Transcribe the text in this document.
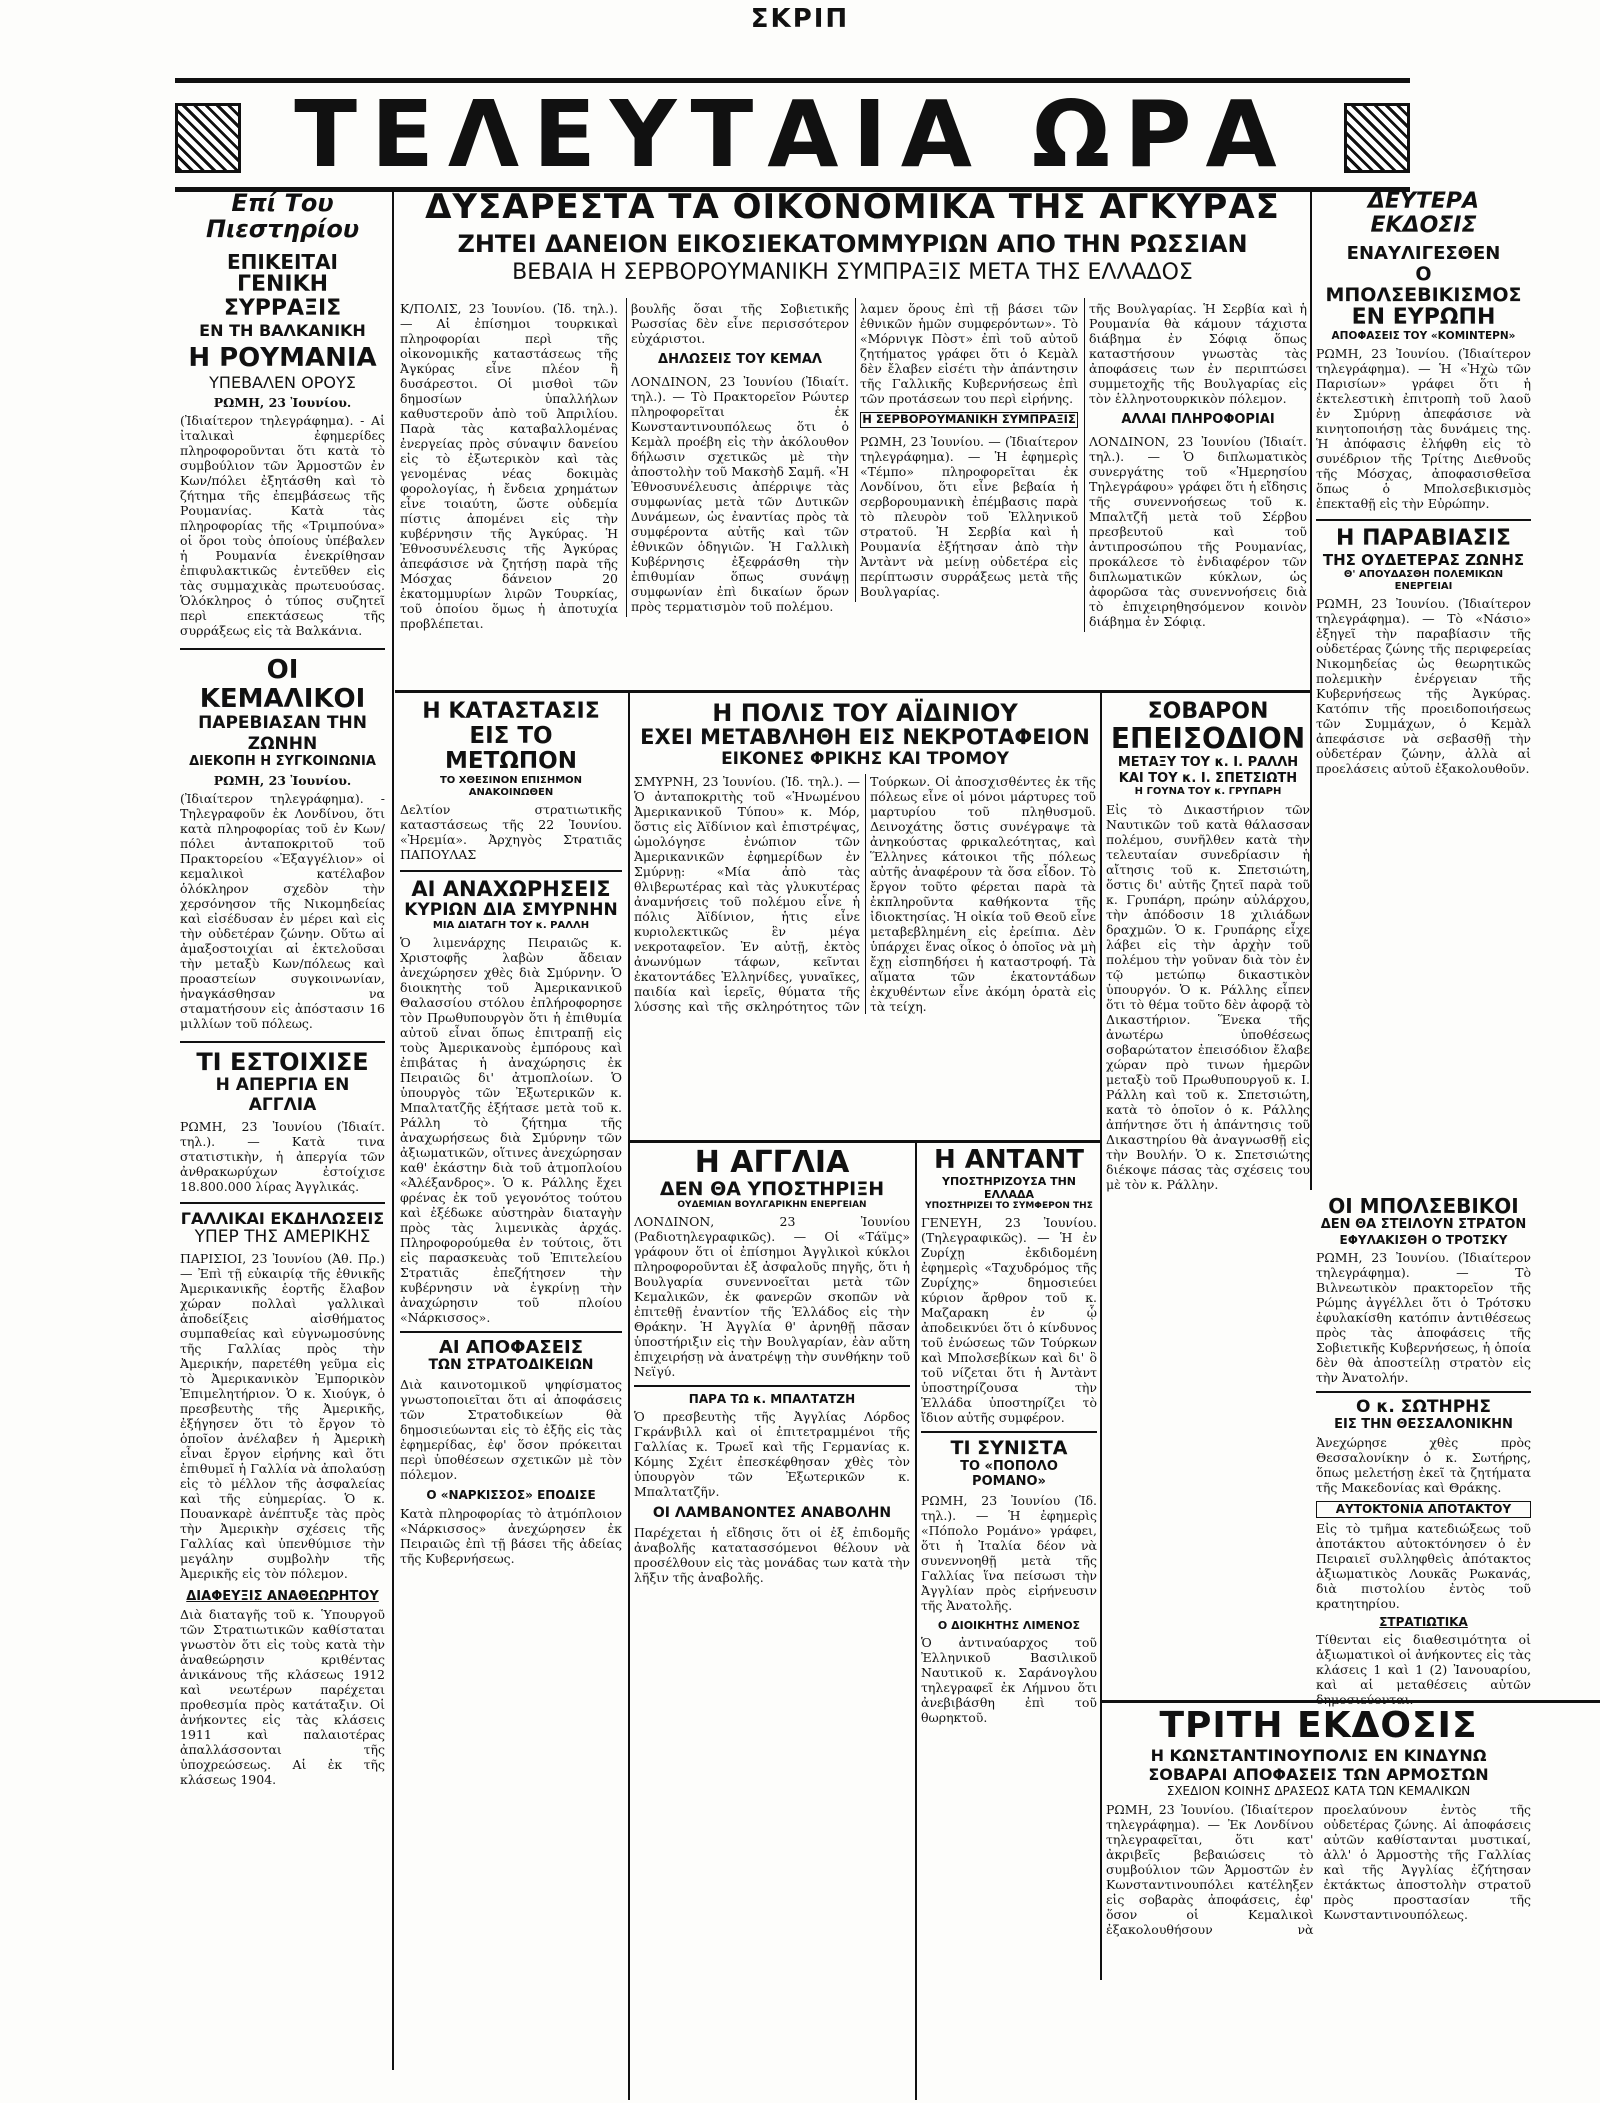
ΣΚΡΙΠ
ΤΕΛΕΥΤΑΙΑ ΩΡΑ
Επί Του Πιεστηρίου
ΕΠΙΚΕΙΤΑΙ
ΓΕΝΙΚΗ ΣΥΡΡΑΞΙΣ
ΕΝ ΤΗ ΒΑΛΚΑΝΙΚΗ
Η ΡΟΥΜΑΝΙΑ
ΥΠΕΒΑΛΕΝ ΟΡΟΥΣ
ΡΩΜΗ, 23 Ἰουνίου.
(Ἰδιαίτερον τηλεγράφημα). - Αἱ ἰταλικαὶ ἐφημερίδες πληροφοροῦνται ὅτι κατὰ τὸ συμβούλιον τῶν Ἁρμοστῶν ἐν Κων/πόλει ἐξητάσθη καὶ τὸ ζήτημα τῆς ἐπεμβάσεως τῆς Ρουμανίας. Κατὰ τὰς πληροφορίας τῆς «Τριμπούνα» οἱ ὅροι τοὺς ὁποίους ὑπέβαλεν ἡ Ρουμανία ἐνεκρίθησαν ἐπιφυλακτικῶς ἐντεῦθεν εἰς τὰς συμμαχικὰς πρωτευούσας. Ὁλόκληρος ὁ τύπος συζητεῖ περὶ επεκτάσεως τῆς συρράξεως εἰς τὰ Βαλκάνια.
ΟΙ ΚΕΜΑΛΙΚΟΙ
ΠΑΡΕΒΙΑΣΑΝ ΤΗΝ ΖΩΝΗΝ
ΔΙΕΚΟΠΗ Η ΣΥΓΚΟΙΝΩΝΙΑ
ΡΩΜΗ, 23 Ἰουνίου.
(Ἰδιαίτερον τηλεγράφημα). - Τηλεγραφοῦν ἐκ Λονδίνου, ὅτι κατὰ πληροφορίας τοῦ ἐν Κων/πόλει ἀνταποκριτοῦ τοῦ Πρακτορείου «Ἐξαγγέλιον» οἱ κεμαλικοὶ κατέλαβον ὁλόκληρον σχεδὸν τὴν χερσόνησον τῆς Νικομηδείας καὶ εἰσέδυσαν ἐν μέρει καὶ εἰς τὴν οὐδετέραν ζώνην. Οὕτω αἱ ἀμαξοστοιχίαι αἱ ἐκτελοῦσαι τὴν μεταξὺ Κων/πόλεως καὶ προαστείων συγκοινωνίαν, ἠναγκάσθησαν να σταματήσουν εἰς ἀπόστασιν 16 μιλλίων τοῦ πόλεως.
ΤΙ ΕΣΤΟΙΧΙΣΕ
Η ΑΠΕΡΓΙΑ ΕΝ ΑΓΓΛΙΑ
ΡΩΜΗ, 23 Ἰουνίου (Ἰδιαίτ. τηλ.). — Κατὰ τινα στατιστικὴν, ἡ ἀπεργία τῶν ἀνθρακωρύχων ἐστοίχισε 18.800.000 λίρας Ἀγγλικάς.
ΓΑΛΛΙΚΑΙ ΕΚΔΗΛΩΣΕΙΣ
ΥΠΕΡ ΤΗΣ ΑΜΕΡΙΚΗΣ
ΠΑΡΙΣΙΟΙ, 23 Ἰουνίου (Ἀθ. Πρ.) — Ἐπὶ τῇ εὐκαιρίᾳ τῆς ἐθνικῆς Ἀμερικανικῆς ἑορτῆς ἔλαβον χώραν πολλαὶ γαλλικαὶ ἀποδείξεις αἰσθήματος συμπαθείας καὶ εὐγνωμοσύνης τῆς Γαλλίας πρὸς τὴν Ἀμερικήν, παρετέθη γεῦμα εἰς τὸ Ἀμερικανικὸν Ἐμπορικὸν Ἐπιμελητήριον. Ὁ κ. Χιούγκ, ὁ πρεσβευτὴς τῆς Ἀμερικῆς, ἐξήγησεν ὅτι τὸ ἔργον τὸ ὁποῖον ἀνέλαβεν ἡ Ἀμερικὴ εἶναι ἔργον εἰρήνης καὶ ὅτι ἐπιθυμεῖ ἡ Γαλλία νὰ ἀπολαύσῃ εἰς τὸ μέλλον τῆς ἀσφαλείας καὶ τῆς εὐημερίας. Ὁ κ. Πουανκαρὲ ἀνέπτυξε τὰς πρὸς τὴν Ἀμερικὴν σχέσεις τῆς Γαλλίας καὶ ὑπενθύμισε τὴν μεγάλην συμβολὴν τῆς Ἀμερικῆς εἰς τὸν πόλεμον.
ΔΙΑΦΕΥΞΙΣ ΑΝΑΘΕΩΡΗΤΟΥ
Διὰ διαταγῆς τοῦ κ. Ὑπουργοῦ τῶν Στρατιωτικῶν καθίσταται γνωστὸν ὅτι εἰς τοὺς κατὰ τὴν ἀναθεώρησιν κριθέντας ἀνικάνους τῆς κλάσεως 1912 καὶ νεωτέρων παρέχεται προθεσμία πρὸς κατάταξιν. Οἱ ἀνήκοντες εἰς τὰς κλάσεις 1911 καὶ παλαιοτέρας ἀπαλλάσσονται τῆς ὑποχρεώσεως. Αἱ ἐκ τῆς κλάσεως 1904.
ΔΥΣΑΡΕΣΤΑ ΤΑ ΟΙΚΟΝΟΜΙΚΑ ΤΗΣ ΑΓΚΥΡΑΣ
ΖΗΤΕΙ ΔΑΝΕΙΟΝ ΕΙΚΟΣΙΕΚΑΤΟΜΜΥΡΙΩΝ ΑΠΟ ΤΗΝ ΡΩΣΣΙΑΝ
ΒΕΒΑΙΑ Η ΣΕΡΒΟΡΟΥΜΑΝΙΚΗ ΣΥΜΠΡΑΞΙΣ ΜΕΤΑ ΤΗΣ ΕΛΛΑΔΟΣ
Κ/ΠΟΛΙΣ, 23 Ἰουνίου. (Ἰδ. τηλ.). — Αἱ ἐπίσημοι τουρκικαὶ πληροφορίαι περὶ τῆς οἰκονομικῆς καταστάσεως τῆς Ἀγκύρας εἶνε πλέον ἢ δυσάρεστοι. Οἱ μισθοὶ τῶν δημοσίων ὑπαλλήλων καθυστεροῦν ἀπὸ τοῦ Ἀπριλίου. Παρὰ τὰς καταβαλλομένας ἐνεργείας πρὸς σύναψιν δανείου εἰς τὸ ἐξωτερικὸν καὶ τὰς γενομένας νέας δοκιμὰς φορολογίας, ἡ ἔνδεια χρημάτων εἶνε τοιαύτη, ὥστε οὐδεμία πίστις ἀπομένει εἰς τὴν κυβέρνησιν τῆς Ἀγκύρας. Ἡ Ἐθνοσυνέλευσις τῆς Ἀγκύρας ἀπεφάσισε νὰ ζητήσῃ παρὰ τῆς Μόσχας δάνειον 20 ἑκατομμυρίων λιρῶν Τουρκίας, τοῦ ὁποίου ὅμως ἡ ἀποτυχία προβλέπεται.
βουλῆς ὅσαι τῆς Σοβιετικῆς Ρωσσίας δὲν εἶνε περισσότερον εὐχάριστοι.
ΔΗΛΩΣΕΙΣ ΤΟΥ ΚΕΜΑΛ
ΛΟΝΔΙΝΟΝ, 23 Ἰουνίου (Ἰδιαίτ. τηλ.). — Τὸ Πρακτορεῖον Ρώυτερ πληροφορεῖται ἐκ Κωνσταντινουπόλεως ὅτι ὁ Κεμὰλ προέβη εἰς τὴν ἀκόλουθον δήλωσιν σχετικῶς μὲ τὴν ἀποστολὴν τοῦ Μακσὴδ Σαμῆ. «Ἡ Ἐθνοσυνέλευσις ἀπέρριψε τὰς συμφωνίας μετὰ τῶν Δυτικῶν Δυνάμεων, ὡς ἐναντίας πρὸς τὰ συμφέροντα αὐτῆς καὶ τῶν ἐθνικῶν ὁδηγιῶν. Ἡ Γαλλικὴ Κυβέρνησις ἐξεφράσθη τὴν ἐπιθυμίαν ὅπως συνάψῃ συμφωνίαν ἐπὶ δικαίων ὅρων πρὸς τερματισμὸν τοῦ πολέμου.
λαμεν ὅρους ἐπὶ τῇ βάσει τῶν ἐθνικῶν ἡμῶν συμφερόντων». Τὸ «Μόρνιγκ Πὸστ» ἐπὶ τοῦ αὐτοῦ ζητήματος γράφει ὅτι ὁ Κεμὰλ δὲν ἔλαβεν εἰσέτι τὴν ἀπάντησιν τῆς Γαλλικῆς Κυβερνήσεως ἐπὶ τῶν προτάσεων του περὶ εἰρήνης.
Η ΣΕΡΒΟΡΟΥΜΑΝΙΚΗ ΣΥΜΠΡΑΞΙΣ
ΡΩΜΗ, 23 Ἰουνίου. — (Ἰδιαίτερον τηλεγράφημα). — Ἡ ἐφημερὶς «Τέμπο» πληροφορεῖται ἐκ Λονδίνου, ὅτι εἶνε βεβαία ἡ σερβορουμανικὴ ἐπέμβασις παρὰ τὸ πλευρὸν τοῦ Ἑλληνικοῦ στρατοῦ. Ἡ Σερβία καὶ ἡ Ρουμανία ἐξήτησαν ἀπὸ τὴν Ἀντὰντ νὰ μείνῃ οὐδετέρα εἰς περίπτωσιν συρράξεως μετὰ τῆς Βουλγαρίας.
τῆς Βουλγαρίας. Ἡ Σερβία καὶ ἡ Ρουμανία θὰ κάμουν τάχιστα διάβημα ἐν Σόφιᾳ ὅπως καταστήσουν γνωστὰς τὰς ἀποφάσεις των ἐν περιπτώσει συμμετοχῆς τῆς Βουλγαρίας εἰς τὸν ἑλληνοτουρκικὸν πόλεμον.
ΑΛΛΑΙ ΠΛΗΡΟΦΟΡΙΑΙ
ΛΟΝΔΙΝΟΝ, 23 Ἰουνίου (Ἰδιαίτ. τηλ.). — Ὁ διπλωματικὸς συνεργάτης τοῦ «Ἡμερησίου Τηλεγράφου» γράφει ὅτι ἡ εἴδησις τῆς συνεννοήσεως τοῦ κ. Μπαλτζῆ μετὰ τοῦ Σέρβου πρεσβευτοῦ καὶ τοῦ ἀντιπροσώπου τῆς Ρουμανίας, προκάλεσε τὸ ἐνδιαφέρον τῶν διπλωματικῶν κύκλων, ὡς ἀφορῶσα τὰς συνεννοήσεις διὰ τὸ ἐπιχειρηθησόμενον κοινὸν διάβημα ἐν Σόφιᾳ.
ΔΕΥΤΕΡΑ ΕΚΔΟΣΙΣ
ΕΝΑΥΛΙΓΕΣΘΕΝ
Ο ΜΠΟΛΣΕΒΙΚΙΣΜΟΣ
ΕΝ ΕΥΡΩΠΗ
ΑΠΟΦΑΣΕΙΣ ΤΟΥ «ΚΟΜΙΝΤΕΡΝ»
ΡΩΜΗ, 23 Ἰουνίου. (Ἰδιαίτερον τηλεγράφημα). — Ἡ «Ἠχὼ τῶν Παρισίων» γράφει ὅτι ἡ ἐκτελεστικὴ ἐπιτροπὴ τοῦ λαοῦ ἐν Σμύρνῃ ἀπεφάσισε νὰ κινητοποιήσῃ τὰς δυνάμεις της. Ἡ ἀπόφασις ἐλήφθη εἰς τὸ συνέδριον τῆς Τρίτης Διεθνοῦς τῆς Μόσχας, ἀποφασισθεῖσα ὅπως ὁ Μπολσεβικισμὸς ἐπεκταθῇ εἰς τὴν Εὐρώπην.
Η ΠΑΡΑΒΙΑΣΙΣ
ΤΗΣ ΟΥΔΕΤΕΡΑΣ ΖΩΝΗΣ
Θ' ΑΠΟΥΔΑΣΘΗ ΠΟΛΕΜΙΚΩΝ ΕΝΕΡΓΕΙΑΙ
ΡΩΜΗ, 23 Ἰουνίου. (Ἰδιαίτερον τηλεγράφημα). — Τὸ «Νάσιο» ἐξηγεῖ τὴν παραβίασιν τῆς οὐδετέρας ζώνης τῆς περιφερείας Νικομηδείας ὡς θεωρητικῶς πολεμικὴν ἐνέργειαν τῆς Κυβερνήσεως τῆς Ἀγκύρας. Κατόπιν τῆς προειδοποιήσεως τῶν Συμμάχων, ὁ Κεμὰλ ἀπεφάσισε νὰ σεβασθῇ τὴν οὐδετέραν ζώνην, ἀλλὰ αἱ προελάσεις αὐτοῦ ἐξακολουθοῦν.
Η ΚΑΤΑΣΤΑΣΙΣ
ΕΙΣ ΤΟ ΜΕΤΩΠΟΝ
ΤΟ ΧΘΕΣΙΝΟΝ ΕΠΙΣΗΜΟΝ ΑΝΑΚΟΙΝΩΘΕΝ
Δελτίον στρατιωτικῆς καταστάσεως τῆς 22 Ἰουνίου. «Ἠρεμία». Ἀρχηγὸς Στρατιᾶς ΠΑΠΟΥΛΑΣ
ΑΙ ΑΝΑΧΩΡΗΣΕΙΣ
ΚΥΡΙΩΝ ΔΙΑ ΣΜΥΡΝΗΝ
ΜΙΑ ΔΙΑΤΑΓΗ ΤΟΥ κ. ΡΑΛΛΗ
Ὁ λιμενάρχης Πειραιῶς κ. Χριστοφῆς λαβὼν ἄδειαν ἀνεχώρησεν χθὲς διὰ Σμύρνην. Ὁ διοικητὴς τοῦ Ἀμερικανικοῦ Θαλασσίου στόλου ἐπλήροφορησε τὸν Πρωθυπουργὸν ὅτι ἡ ἐπιθυμία αὐτοῦ εἶναι ὅπως ἐπιτραπῇ εἰς τοὺς Ἀμερικανοὺς ἐμπόρους καὶ ἐπιβάτας ἡ ἀναχώρησις ἐκ Πειραιῶς δι' ἀτμοπλοίων. Ὁ ὑπουργὸς τῶν Ἐξωτερικῶν κ. Μπαλτατζῆς ἐξήτασε μετὰ τοῦ κ. Ράλλη τὸ ζήτημα τῆς ἀναχωρήσεως διὰ Σμύρνην τῶν ἀξιωματικῶν, οἵτινες ἀνεχώρησαν καθ' ἑκάστην διὰ τοῦ ἀτμοπλοίου «Ἀλέξανδρος». Ὁ κ. Ράλλης ἔχει φρένας ἐκ τοῦ γεγονότος τούτου καὶ ἐξέδωκε αὐστηρὰν διαταγὴν πρὸς τὰς λιμενικὰς ἀρχάς. Πληροφορούμεθα ἐν τούτοις, ὅτι εἰς παρασκευὰς τοῦ Ἐπιτελείου Στρατιᾶς ἐπεζήτησεν τὴν κυβέρνησιν νὰ ἐγκρίνῃ τὴν ἀναχώρησιν τοῦ πλοίου «Νάρκισσος».
ΑΙ ΑΠΟΦΑΣΕΙΣ
ΤΩΝ ΣΤΡΑΤΟΔΙΚΕΙΩΝ
Διὰ καινοτομικοῦ ψηφίσματος γνωστοποιεῖται ὅτι αἱ ἀποφάσεις τῶν Στρατοδικείων θὰ δημοσιεύωνται εἰς τὸ ἐξῆς εἰς τὰς ἐφημερίδας, ἐφ' ὅσον πρόκειται περὶ ὑποθέσεων σχετικῶν μὲ τὸν πόλεμον.
Ο «ΝΑΡΚΙΣΣΟΣ» ΕΠΟΔΙΣΕ
Κατὰ πληροφορίας τὸ ἀτμόπλοιον «Νάρκισσος» ἀνεχώρησεν ἐκ Πειραιῶς ἐπὶ τῇ βάσει τῆς ἀδείας τῆς Κυβερνήσεως.
Η ΠΟΛΙΣ ΤΟΥ ΑΪΔΙΝΙΟΥ
ΕΧΕΙ ΜΕΤΑΒΛΗΘΗ ΕΙΣ ΝΕΚΡΟΤΑΦΕΙΟΝ
ΕΙΚΟΝΕΣ ΦΡΙΚΗΣ ΚΑΙ ΤΡΟΜΟΥ
ΣΜΥΡΝΗ, 23 Ἰουνίου. (Ἰδ. τηλ.). — Ὁ ἀνταποκριτὴς τοῦ «Ἡνωμένου Ἀμερικανικοῦ Τύπου» κ. Μόρ, ὅστις εἰς Ἀϊδίνιον καὶ ἐπιστρέψας, ὡμολόγησε ἐνώπιον τῶν Ἀμερικανικῶν ἐφημερίδων ἐν Σμύρνῃ: «Μία ἀπὸ τὰς θλιβερωτέρας καὶ τὰς γλυκυτέρας ἀναμνήσεις τοῦ πολέμου εἶνε ἡ πόλις Ἀϊδίνιον, ἡτις εἶνε κυριολεκτικῶς ἓν μέγα νεκροταφεῖον. Ἐν αὐτῇ, ἐκτὸς ἀνωνύμων τάφων, κεῖνται ἐκατοντάδες Ἑλληνίδες, γυναῖκες, παιδία καὶ ἱερεῖς, θύματα τῆς λύσσης καὶ τῆς σκληρότητος τῶν Τούρκων. Οἱ ἀποσχισθέντες ἐκ τῆς πόλεως εἶνε οἱ μόνοι μάρτυρες τοῦ μαρτυρίου τοῦ πληθυσμοῦ. Δεινοχάτης ὅστις συνέγραψε τὰ ἀνηκούστας φρικαλεότητας, καὶ Ἕλληνες κάτοικοι τῆς πόλεως αὐτῆς ἀναφέρουν τὰ ὅσα εἶδον. Τὸ ἔργον τοῦτο φέρεται παρὰ τὰ ἐκπληροῦντα καθήκοντα τῆς ἰδιοκτησίας. Ἡ οἰκία τοῦ Θεοῦ εἶνε μεταβεβλημένη εἰς ἐρείπια. Δὲν ὑπάρχει ἕνας οἶκος ὁ ὁποῖος νὰ μὴ ἔχῃ εἰσπηδήσει ἡ καταστροφή. Τὰ αἵματα τῶν ἑκατοντάδων ἐκχυθέντων εἶνε ἀκόμη ὁρατὰ εἰς τὰ τείχη.
Η ΑΓΓΛΙΑ
ΔΕΝ ΘΑ ΥΠΟΣΤΗΡΙΞΗ
ΟΥΔΕΜΙΑΝ ΒΟΥΛΓΑΡΙΚΗΝ ΕΝΕΡΓΕΙΑΝ
ΛΟΝΔΙΝΟΝ, 23 Ἰουνίου (Ραδιοτηλεγραφικῶς). — Οἱ «Τάϊμς» γράφουν ὅτι οἱ ἐπίσημοι Ἀγγλικοὶ κύκλοι πληροφοροῦνται ἐξ ἀσφαλοῦς πηγῆς, ὅτι ἡ Βουλγαρία συνεννοεῖται μετὰ τῶν Κεμαλικῶν, ἐκ φανερῶν σκοπῶν νὰ ἐπιτεθῇ ἐναντίον τῆς Ἑλλάδος εἰς τὴν Θράκην. Ἡ Ἀγγλία θ' ἀρνηθῇ πᾶσαν ὑποστήριξιν εἰς τὴν Βουλγαρίαν, ἐὰν αὕτη ἐπιχειρήσῃ νὰ ἀνατρέψῃ τὴν συνθήκην τοῦ Νεϊγύ.
ΠΑΡΑ ΤΩ κ. ΜΠΑΛΤΑΤΖΗ
Ὁ πρεσβευτὴς τῆς Ἀγγλίας Λόρδος Γκράνβιλλ καὶ οἱ ἐπιτετραμμένοι τῆς Γαλλίας κ. Τρωεῖ καὶ τῆς Γερμανίας κ. Κόμης Σχέιτ ἐπεσκέφθησαν χθὲς τὸν ὑπουργὸν τῶν Ἐξωτερικῶν κ. Μπαλτατζῆν.
ΟΙ ΛΑΜΒΑΝΟΝΤΕΣ ΑΝΑΒΟΛΗΝ
Παρέχεται ἡ εἴδησις ὅτι οἱ ἐξ ἐπιδομῆς ἀναβολῆς κατατασσόμενοι θέλουν νὰ προσέλθουν εἰς τὰς μονάδας των κατὰ τὴν λῆξιν τῆς ἀναβολῆς.
Η ΑΝΤΑΝΤ
ΥΠΟΣΤΗΡΙΖΟΥΣΑ ΤΗΝ ΕΛΛΑΔΑ
ΥΠΟΣΤΗΡΙΖΕΙ ΤΟ ΣΥΜΦΕΡΟΝ ΤΗΣ
ΓΕΝΕΥΗ, 23 Ἰουνίου. (Τηλεγραφικῶς). — Ἡ ἐν Ζυρίχῃ ἐκδιδομένη ἐφημερὶς «Ταχυδρόμος τῆς Ζυρίχης» δημοσιεύει κύριον ἄρθρον τοῦ κ. Μαζαρακη ἐν ᾧ ἀποδεικνύει ὅτι ὁ κίνδυνος τοῦ ἐνώσεως τῶν Τούρκων καὶ Μπολσεβίκων καὶ δι' ὃ τοῦ νίζεται ὅτι ἡ Ἀντὰντ ὑποστηρίζουσα τὴν Ἑλλάδα ὑποστηρίζει τὸ ἴδιον αὐτῆς συμφέρον.
ΤΙ ΣΥΝΙΣΤΑ
ΤΟ «ΠΟΠΟΛΟ ΡΟΜΑΝΟ»
ΡΩΜΗ, 23 Ἰουνίου (Ἰδ. τηλ.). — Ἡ ἐφημερὶς «Πόπολο Ρομάνο» γράφει, ὅτι ἡ Ἰταλία δέον νὰ συνεννοηθῇ μετὰ τῆς Γαλλίας ἵνα πείσωσι τὴν Ἀγγλίαν πρὸς εἰρήνευσιν τῆς Ἀνατολῆς.
Ο ΔΙΟΙΚΗΤΗΣ ΛΙΜΕΝΟΣ
Ὁ ἀντιναύαρχος τοῦ Ἐλληνικοῦ Βασιλικοῦ Ναυτικοῦ κ. Σαράνογλου τηλεγραφεῖ ἐκ Λήμνου ὅτι ἀνεβιβάσθη ἐπὶ τοῦ θωρηκτοῦ.
ΣΟΒΑΡΟΝ
ΕΠΕΙΣΟΔΙΟΝ
ΜΕΤΑΞΥ ΤΟΥ κ. Ι. ΡΑΛΛΗ
ΚΑΙ ΤΟΥ κ. Ι. ΣΠΕΤΣΙΩΤΗ
Η ΓΟΥΝΑ ΤΟΥ κ. ΓΡΥΠΑΡΗ
Εἰς τὸ Δικαστήριον τῶν Ναυτικῶν τοῦ κατὰ θάλασσαν πολέμου, συνῆλθεν κατὰ τὴν τελευταίαν συνεδρίασιν ἡ αἴτησις τοῦ κ. Σπετσιώτη, ὅστις δι' αὐτῆς ζητεῖ παρὰ τοῦ κ. Γρυπάρη, πρώην αὐλάρχου, τὴν ἀπόδοσιν 18 χιλιάδων δραχμῶν. Ὁ κ. Γρυπάρης εἶχε λάβει εἰς τὴν ἀρχὴν τοῦ πολέμου τὴν γοῦναν διὰ τὸν ἐν τῷ μετώπῳ δικαστικὸν ὑπουργόν. Ὁ κ. Ράλλης εἶπεν ὅτι τὸ θέμα τοῦτο δὲν ἀφορᾷ τὸ Δικαστήριον. Ἕνεκα τῆς ἀνωτέρω ὑποθέσεως σοβαρώτατον ἐπεισόδιον ἔλαβε χώραν πρὸ τινων ἡμερῶν μεταξὺ τοῦ Πρωθυπουργοῦ κ. Ι. Ράλλη καὶ τοῦ κ. Σπετσιώτη, κατὰ τὸ ὁποῖον ὁ κ. Ράλλης ἀπήντησε ὅτι ἡ ἀπάντησις τοῦ Δικαστηρίου θὰ ἀναγνωσθῇ εἰς τὴν Βουλήν. Ὁ κ. Σπετσιώτης διέκοψε πάσας τὰς σχέσεις του μὲ τὸν κ. Ράλλην.
ΟΙ ΜΠΟΛΣΕΒΙΚΟΙ
ΔΕΝ ΘΑ ΣΤΕΙΛΟΥΝ ΣΤΡΑΤΟΝ
ΕΦΥΛΑΚΙΣΘΗ Ο ΤΡΟΤΣΚΥ
ΡΩΜΗ, 23 Ἰουνίου. (Ἰδιαίτερον τηλεγράφημα). — Τὸ Βιλνεωτικὸν πρακτορεῖον τῆς Ρώμης ἀγγέλλει ὅτι ὁ Τρότσκυ ἐφυλακίσθη κατόπιν ἀντιθέσεως πρὸς τὰς ἀποφάσεις τῆς Σοβιετικῆς Κυβερνήσεως, ἡ ὁποία δὲν θὰ ἀποστείλῃ στρατὸν εἰς τὴν Ἀνατολήν.
Ο κ. ΣΩΤΗΡΗΣ
ΕΙΣ ΤΗΝ ΘΕΣΣΑΛΟΝΙΚΗΝ
Ἀνεχώρησε χθὲς πρὸς Θεσσαλονίκην ὁ κ. Σωτήρης, ὅπως μελετήσῃ ἐκεῖ τὰ ζητήματα τῆς Μακεδονίας καὶ Θράκης.
ΑΥΤΟΚΤΟΝΙΑ ΑΠΟΤΑΚΤΟΥ
Εἰς τὸ τμῆμα κατεδιώξεως τοῦ ἀποτάκτου αὐτοκτόνησεν ὁ ἐν Πειραιεῖ συλληφθεὶς ἀπότακτος ἀξιωματικὸς Λουκᾶς Ρωκανάς, διὰ πιστολίου ἐντὸς τοῦ κρατητηρίου.
ΣΤΡΑΤΙΩΤΙΚΑ
Τίθενται εἰς διαθεσιμότητα οἱ ἀξιωματικοὶ οἱ ἀνήκοντες εἰς τὰς κλάσεις 1 καὶ 1 (2) Ἰανουαρίου, καὶ αἱ μεταθέσεις αὐτῶν δημοσιεύονται.
ΤΡΙΤΗ ΕΚΔΟΣΙΣ
Η ΚΩΝΣΤΑΝΤΙΝΟΥΠΟΛΙΣ ΕΝ ΚΙΝΔΥΝΩ
ΣΟΒΑΡΑΙ ΑΠΟΦΑΣΕΙΣ ΤΩΝ ΑΡΜΟΣΤΩΝ
ΣΧΕΔΙΟΝ ΚΟΙΝΗΣ ΔΡΑΣΕΩΣ ΚΑΤΑ ΤΩΝ ΚΕΜΑΛΙΚΩΝ
ΡΩΜΗ, 23 Ἰουνίου. (Ἰδιαίτερον τηλεγράφημα). — Ἐκ Λονδίνου τηλεγραφεῖται, ὅτι κατ' ἀκριβεῖς βεβαιώσεις τὸ συμβούλιον τῶν Ἁρμοστῶν ἐν Κωνσταντινουπόλει κατέληξεν εἰς σοβαρὰς ἀποφάσεις, ἐφ' ὅσον οἱ Κεμαλικοὶ ἐξακολουθήσουν νὰ προελαύνουν ἐντὸς τῆς οὐδετέρας ζώνης. Αἱ ἀποφάσεις αὐτῶν καθίστανται μυστικαί, ἀλλ' ὁ Ἁρμοστὴς τῆς Γαλλίας καὶ τῆς Ἀγγλίας ἐζήτησαν ἐκτάκτως ἀποστολὴν στρατοῦ πρὸς προστασίαν τῆς Κωνσταντινουπόλεως.
